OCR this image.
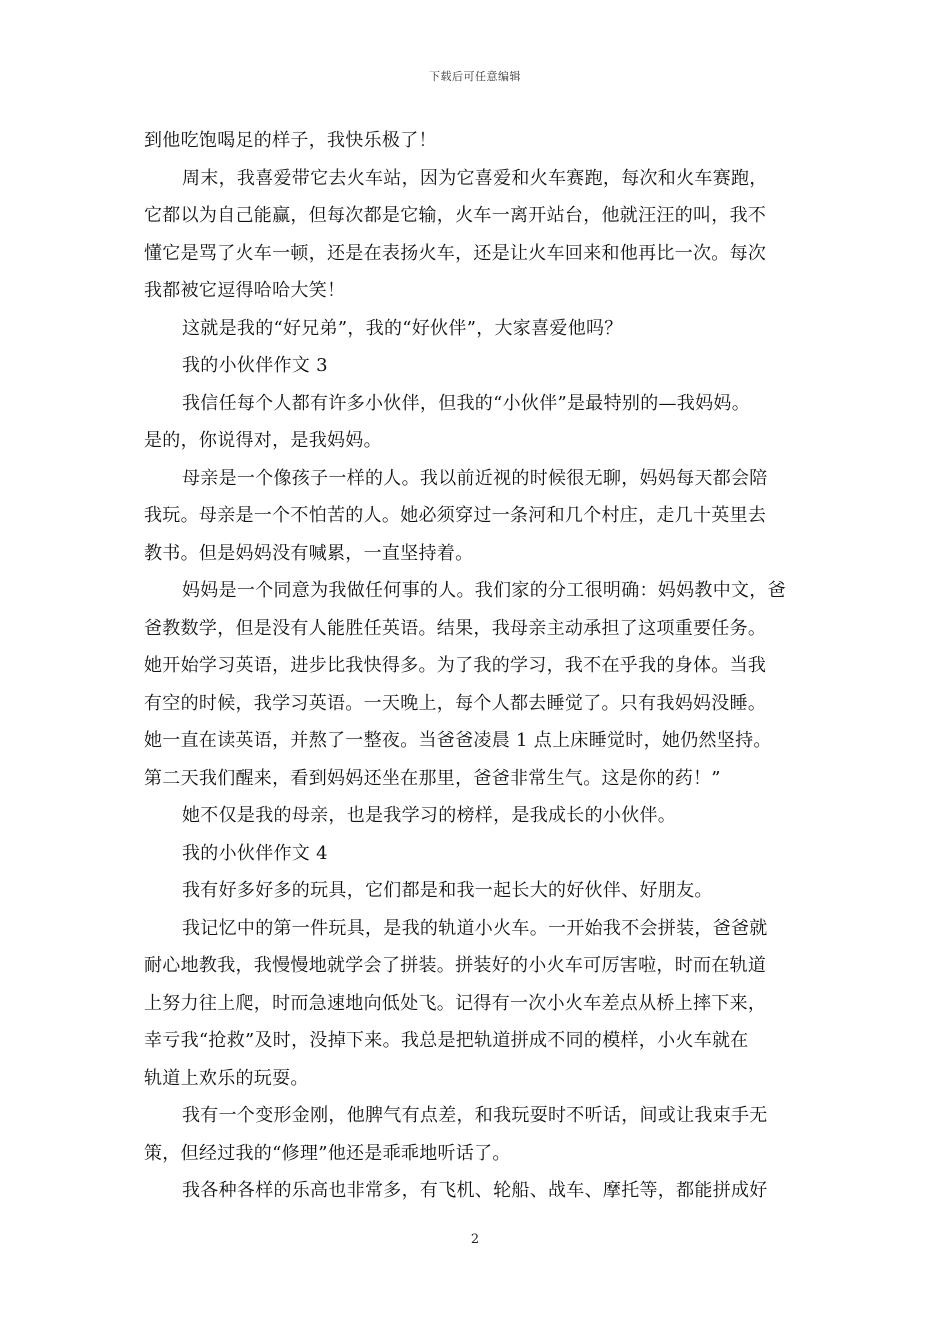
下载后可任意编辑
到他吃饱喝足的样子，我快乐极了！
周末，我喜爱带它去火车站，因为它喜爱和火车赛跑，每次和火车赛跑，
它都以为自己能赢，但每次都是它输，火车一离开站台，他就汪汪的叫，我不
懂它是骂了火车一顿，还是在表扬火车，还是让火车回来和他再比一次。每次
我都被它逗得哈哈大笑！
这就是我的“好兄弟”，我的“好伙伴”，大家喜爱他吗？
我的小伙伴作文 3
我信任每个人都有许多小伙伴，但我的“小伙伴”是最特别的—我妈妈。
是的，你说得对，是我妈妈。
母亲是一个像孩子一样的人。我以前近视的时候很无聊，妈妈每天都会陪
我玩。母亲是一个不怕苦的人。她必须穿过一条河和几个村庄，走几十英里去
教书。但是妈妈没有喊累，一直坚持着。
妈妈是一个同意为我做任何事的人。我们家的分工很明确：妈妈教中文，爸
爸教数学，但是没有人能胜任英语。结果，我母亲主动承担了这项重要任务。
她开始学习英语，进步比我快得多。为了我的学习，我不在乎我的身体。当我
有空的时候，我学习英语。一天晚上，每个人都去睡觉了。只有我妈妈没睡。
她一直在读英语，并熬了一整夜。当爸爸凌晨 1 点上床睡觉时，她仍然坚持。
第二天我们醒来，看到妈妈还坐在那里，爸爸非常生气。这是你的药！”
她不仅是我的母亲，也是我学习的榜样，是我成长的小伙伴。
我的小伙伴作文 4
我有好多好多的玩具，它们都是和我一起长大的好伙伴、好朋友。
我记忆中的第一件玩具，是我的轨道小火车。一开始我不会拼装，爸爸就
耐心地教我，我慢慢地就学会了拼装。拼装好的小火车可厉害啦，时而在轨道
上努力往上爬，时而急速地向低处飞。记得有一次小火车差点从桥上摔下来，
幸亏我“抢救”及时，没掉下来。我总是把轨道拼成不同的模样，小火车就在
轨道上欢乐的玩耍。
我有一个变形金刚，他脾气有点差，和我玩耍时不听话，间或让我束手无
策，但经过我的“修理”他还是乖乖地听话了。
我各种各样的乐高也非常多，有飞机、轮船、战车、摩托等，都能拼成好
2
